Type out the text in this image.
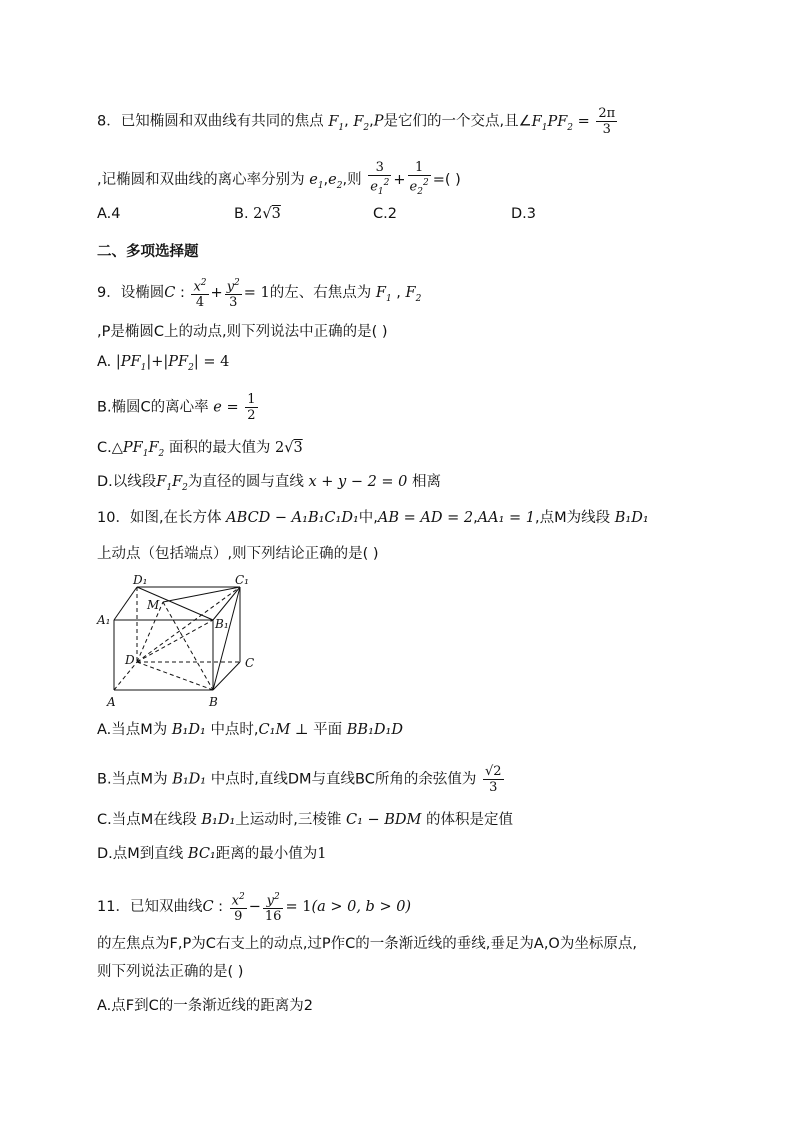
8．已知椭圆和双曲线有共同的焦点 $F_1$, $F_2,P$是它们的一个交点,且$\angle F_1PF_2 = \frac{2\pi}{3}$
,记椭圆和双曲线的离心率分别为 $e_1,e_2$,则 $\frac{3}{e_1^2} + \frac{1}{e_2^2}$ =( )
A.4	B. 2√3	C.2	D.3
二、多项选择题
9．设椭圆C : $\frac{x^2}{4} + \frac{y^2}{3} = 1$的左、右焦点为 $F_1$ , $F_2$
,P是椭圆C上的动点,则下列说法中正确的是( )
A. $|PF_1|+|PF_2| = 4$
B.椭圆C的离心率 $e = \frac{1}{2}$
$C.\triangle PF_1F_2$ 面积的最大值为 2√3
D.以线段$F_1F_2$为直径的圆与直线 x + y − 2 = 0 相离
10．如图,在长方体 ABCD − A₁B₁C₁D₁中,AB = AD = 2,AA₁ = 1,点M为线段 B₁D₁
上动点（包括端点）,则下列结论正确的是( )
D₁	C₁
M
A₁	B₁
D	C
A	B
A.当点M为 B₁D₁ 中点时,C₁M ⊥ 平面 BB₁D₁D
B.当点M为 B₁D₁ 中点时,直线DM与直线BC所角的余弦值为 $\frac{√2}{3}$
C.当点M在线段 B₁D₁上运动时,三棱锥 C₁ − BDM 的体积是定值
D.点M到直线 BC₁距离的最小值为1
11．已知双曲线C : $\frac{x^2}{9} - \frac{y^2}{16} = 1(a > 0$, b > 0)
的左焦点为F,P为C右支上的动点,过P作C的一条渐近线的垂线,垂足为A,O为坐标原点,
则下列说法正确的是( )
A.点F到C的一条渐近线的距离为2
